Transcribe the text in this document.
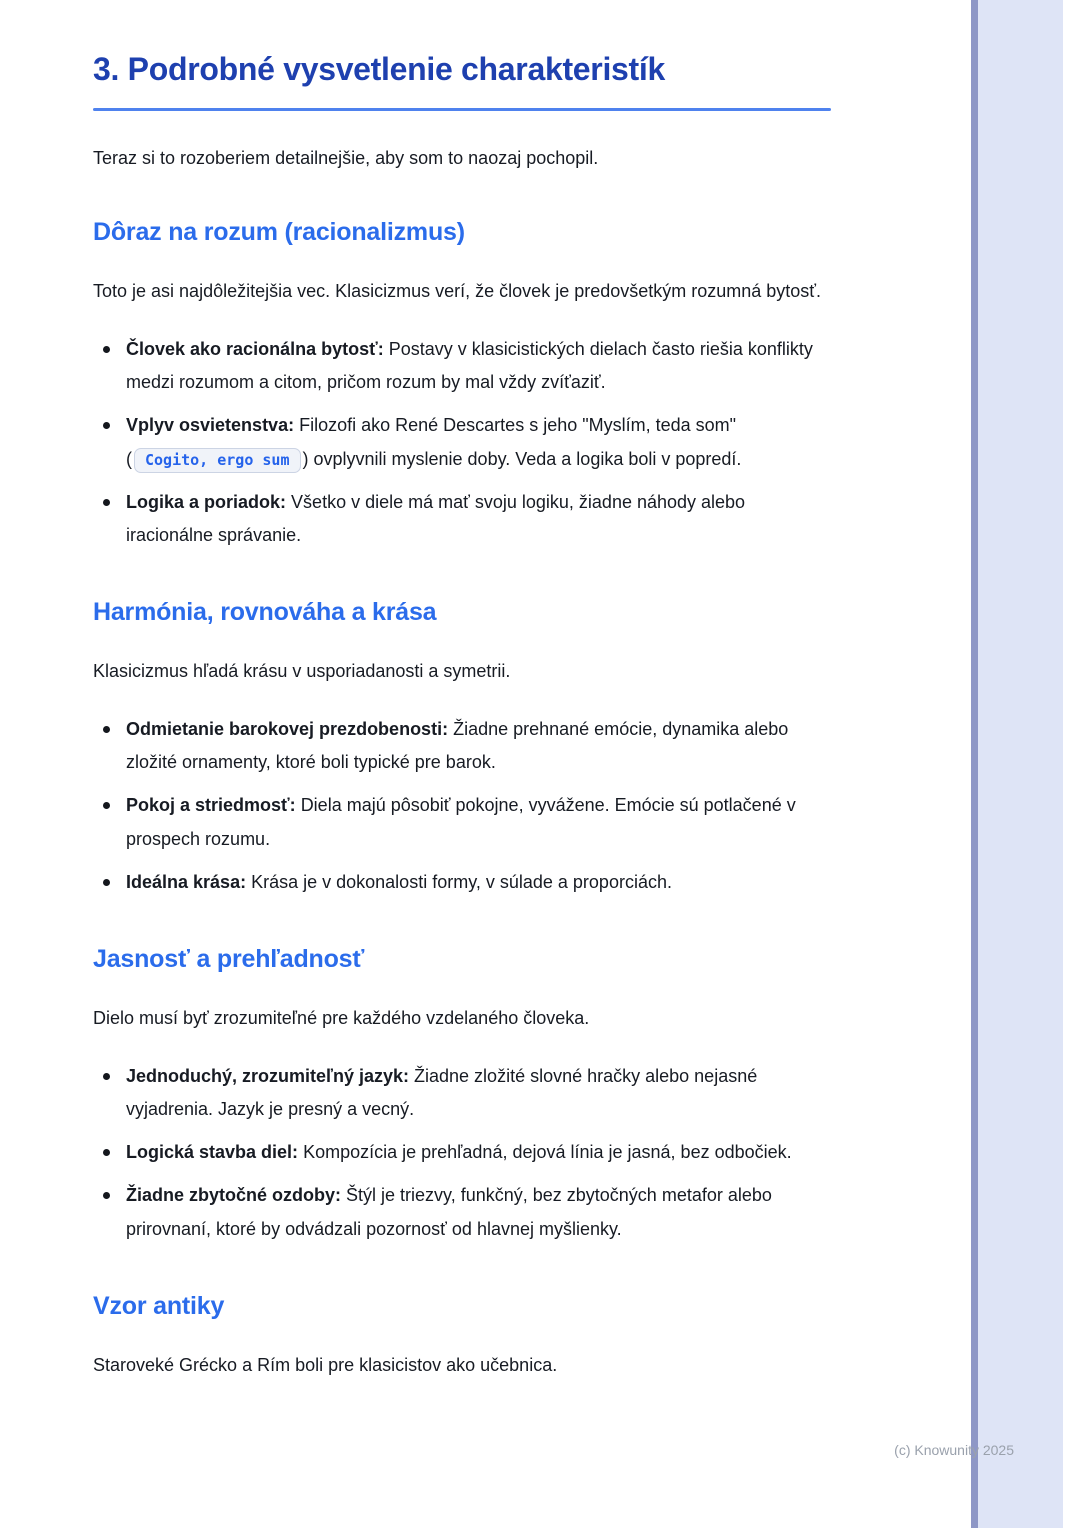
3. Podrobné vysvetlenie charakteristík

Teraz si to rozoberiem detailnejšie, aby som to naozaj pochopil.

Dôraz na rozum (racionalizmus)

Toto je asi najdôležitejšia vec. Klasicizmus verí, že človek je predovšetkým rozumná bytosť.

Človek ako racionálna bytosť: Postavy v klasicistických dielach často riešia konflikty medzi rozumom a citom, pričom rozum by mal vždy zvíťaziť.
Vplyv osvietenstva: Filozofi ako René Descartes s jeho "Myslím, teda som" ( Cogito, ergo sum ) ovplyvnili myslenie doby. Veda a logika boli v popredí.
Logika a poriadok: Všetko v diele má mať svoju logiku, žiadne náhody alebo iracionálne správanie.
Harmónia, rovnováha a krása

Klasicizmus hľadá krásu v usporiadanosti a symetrii.

Odmietanie barokovej prezdobenosti: Žiadne prehnané emócie, dynamika alebo zložité ornamenty, ktoré boli typické pre barok.
Pokoj a striedmosť: Diela majú pôsobiť pokojne, vyvážene. Emócie sú potlačené v prospech rozumu.
Ideálna krása: Krása je v dokonalosti formy, v súlade a proporciách.
Jasnosť a prehľadnosť

Dielo musí byť zrozumiteľné pre každého vzdelaného človeka.

Jednoduchý, zrozumiteľný jazyk: Žiadne zložité slovné hračky alebo nejasné vyjadrenia. Jazyk je presný a vecný.
Logická stavba diel: Kompozícia je prehľadná, dejová línia je jasná, bez odbočiek.
Žiadne zbytočné ozdoby: Štýl je triezvy, funkčný, bez zbytočných metafor alebo prirovnaní, ktoré by odvádzali pozornosť od hlavnej myšlienky.
Vzor antiky

Staroveké Grécko a Rím boli pre klasicistov ako učebnica.

(c) Knowunity 2025
